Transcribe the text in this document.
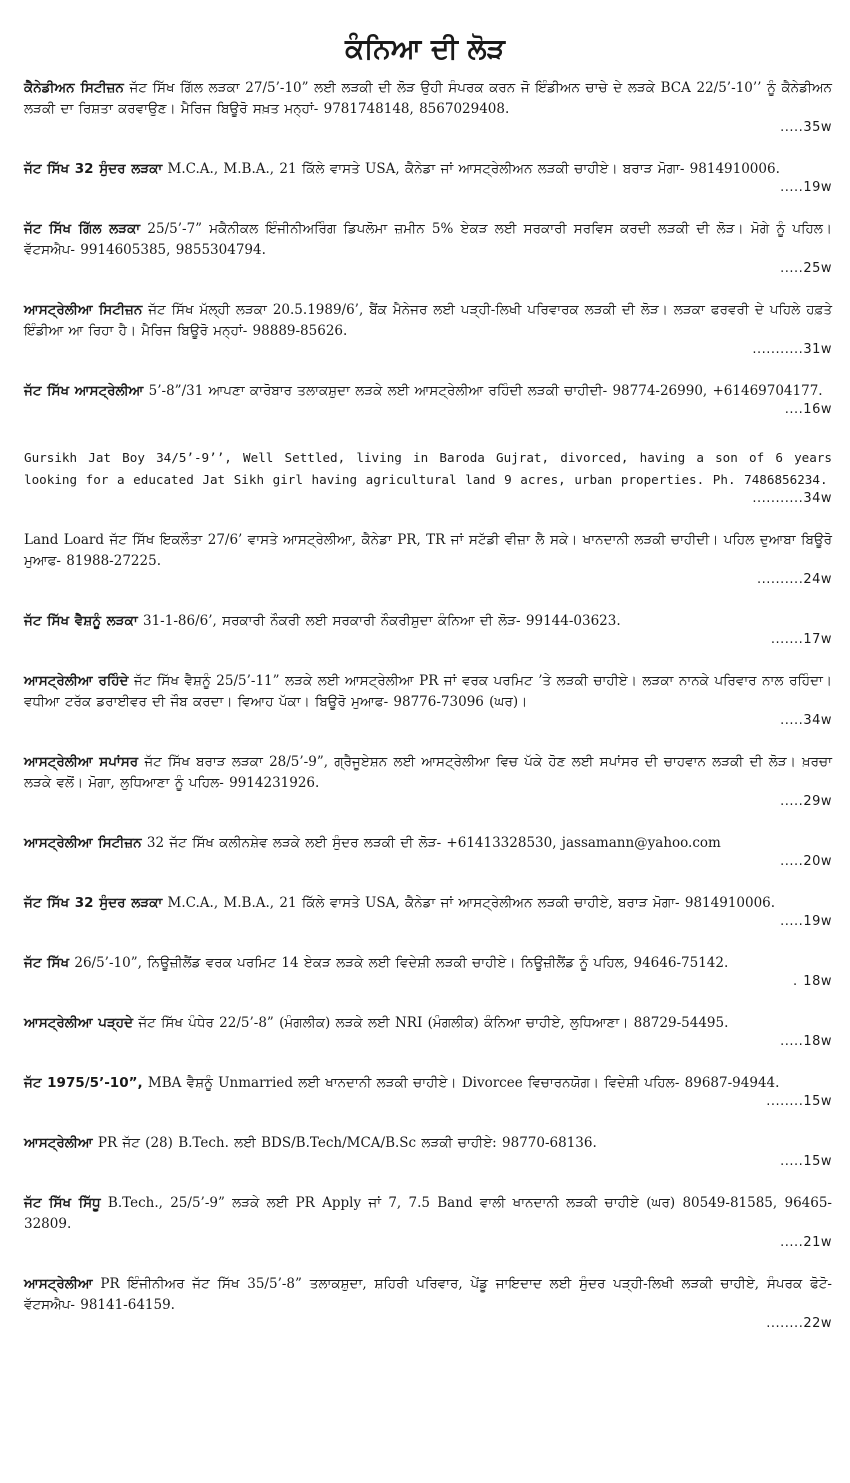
ਕੰਨਿਆ ਦੀ ਲੋੜ
ਕੈਨੇਡੀਅਨ ਸਿਟੀਜ਼ਨ ਜੱਟ ਸਿੱਖ ਗਿੱਲ ਲੜਕਾ 27/5’-10” ਲਈ ਲੜਕੀ ਦੀ ਲੋੜ ਉਹੀ ਸੰਪਰਕ ਕਰਨ ਜੋ ਇੰਡੀਅਨ ਚਾਚੇ ਦੇ ਲੜਕੇ BCA 22/5’-10’’ ਨੂੰ ਕੈਨੇਡੀਅਨ ਲੜਕੀ ਦਾ ਰਿਸ਼ਤਾ ਕਰਵਾਉਣ। ਮੈਰਿਜ ਬਿਊਰੋ ਸਖ਼ਤ ਮਨ੍ਹਾਂ- 9781748148, 8567029408.
.....35w
ਜੱਟ ਸਿੱਖ 32 ਸੁੰਦਰ ਲੜਕਾ M.C.A., M.B.A., 21 ਕਿੱਲੇ ਵਾਸਤੇ USA, ਕੈਨੇਡਾ ਜਾਂ ਆਸਟ੍ਰੇਲੀਅਨ ਲੜਕੀ ਚਾਹੀਏ। ਬਰਾੜ ਮੋਗਾ- 9814910006.
.....19w
ਜੱਟ ਸਿੱਖ ਗਿੱਲ ਲੜਕਾ 25/5’-7” ਮਕੈਨੀਕਲ ਇੰਜੀਨੀਅਰਿੰਗ ਡਿਪਲੋਮਾ ਜ਼ਮੀਨ 5% ਏਕੜ ਲਈ ਸਰਕਾਰੀ ਸਰਵਿਸ ਕਰਦੀ ਲੜਕੀ ਦੀ ਲੋੜ। ਮੋਗੇ ਨੂੰ ਪਹਿਲ। ਵੱਟਸਐਪ- 9914605385, 9855304794.
.....25w
ਆਸਟ੍ਰੇਲੀਆ ਸਿਟੀਜ਼ਨ ਜੱਟ ਸਿੱਖ ਮੱਲ੍ਹੀ ਲੜਕਾ 20.5.1989/6’, ਬੈਂਕ ਮੈਨੇਜਰ ਲਈ ਪੜ੍ਹੀ-ਲਿਖੀ ਪਰਿਵਾਰਕ ਲੜਕੀ ਦੀ ਲੋੜ। ਲੜਕਾ ਫਰਵਰੀ ਦੇ ਪਹਿਲੇ ਹਫ਼ਤੇ ਇੰਡੀਆ ਆ ਰਿਹਾ ਹੈ। ਮੈਰਿਜ ਬਿਊਰੋ ਮਨ੍ਹਾਂ- 98889-85626.
...........31w
ਜੱਟ ਸਿੱਖ ਆਸਟ੍ਰੇਲੀਆ 5’-8”/31 ਆਪਣਾ ਕਾਰੋਬਾਰ ਤਲਾਕਸ਼ੁਦਾ ਲੜਕੇ ਲਈ ਆਸਟ੍ਰੇਲੀਆ ਰਹਿੰਦੀ ਲੜਕੀ ਚਾਹੀਦੀ- 98774-26990, +61469704177.
....16w
Gursikh Jat Boy 34/5’-9’’, Well Settled, living in Baroda Gujrat, divorced, having a son of 6 years looking for a educated Jat Sikh girl having agricultural land 9 acres, urban properties. Ph. 7486856234.
...........34w
Land Loard ਜੱਟ ਸਿੱਖ ਇਕਲੌਤਾ 27/6’ ਵਾਸਤੇ ਆਸਟ੍ਰੇਲੀਆ, ਕੈਨੇਡਾ PR, TR ਜਾਂ ਸਟੱਡੀ ਵੀਜ਼ਾ ਲੈ ਸਕੇ। ਖਾਨਦਾਨੀ ਲੜਕੀ ਚਾਹੀਦੀ। ਪਹਿਲ ਦੁਆਬਾ ਬਿਊਰੋ ਮੁਆਫ- 81988-27225.
..........24w
ਜੱਟ ਸਿੱਖ ਵੈਸ਼ਨੂੰ ਲੜਕਾ 31-1-86/6’, ਸਰਕਾਰੀ ਨੌਕਰੀ ਲਈ ਸਰਕਾਰੀ ਨੌਕਰੀਸ਼ੁਦਾ ਕੰਨਿਆ ਦੀ ਲੋੜ- 99144-03623.
.......17w
ਆਸਟ੍ਰੇਲੀਆ ਰਹਿੰਦੇ ਜੱਟ ਸਿੱਖ ਵੈਸ਼ਨੂੰ 25/5’-11” ਲੜਕੇ ਲਈ ਆਸਟ੍ਰੇਲੀਆ PR ਜਾਂ ਵਰਕ ਪਰਮਿਟ ’ਤੇ ਲੜਕੀ ਚਾਹੀਏ। ਲੜਕਾ ਨਾਨਕੇ ਪਰਿਵਾਰ ਨਾਲ ਰਹਿੰਦਾ। ਵਧੀਆ ਟਰੱਕ ਡਰਾਈਵਰ ਦੀ ਜੌਬ ਕਰਦਾ। ਵਿਆਹ ਪੱਕਾ। ਬਿਊਰੋ ਮੁਆਫ- 98776-73096 (ਘਰ)।
.....34w
ਆਸਟ੍ਰੇਲੀਆ ਸਪਾਂਸਰ ਜੱਟ ਸਿੱਖ ਬਰਾੜ ਲੜਕਾ 28/5’-9”, ਗ੍ਰੈਜੂਏਸ਼ਨ ਲਈ ਆਸਟ੍ਰੇਲੀਆ ਵਿਚ ਪੱਕੇ ਹੋਣ ਲਈ ਸਪਾਂਸਰ ਦੀ ਚਾਹਵਾਨ ਲੜਕੀ ਦੀ ਲੋੜ। ਖ਼ਰਚਾ ਲੜਕੇ ਵਲੋਂ। ਮੋਗਾ, ਲੁਧਿਆਣਾ ਨੂੰ ਪਹਿਲ- 9914231926.
.....29w
ਆਸਟ੍ਰੇਲੀਆ ਸਿਟੀਜ਼ਨ 32 ਜੱਟ ਸਿੱਖ ਕਲੀਨਸ਼ੇਵ ਲੜਕੇ ਲਈ ਸੁੰਦਰ ਲੜਕੀ ਦੀ ਲੋੜ- +61413328530, jassamann@yahoo.com
.....20w
ਜੱਟ ਸਿੱਖ 32 ਸੁੰਦਰ ਲੜਕਾ M.C.A., M.B.A., 21 ਕਿੱਲੇ ਵਾਸਤੇ USA, ਕੈਨੇਡਾ ਜਾਂ ਆਸਟ੍ਰੇਲੀਅਨ ਲੜਕੀ ਚਾਹੀਏ, ਬਰਾੜ ਮੋਗਾ- 9814910006.
.....19w
ਜੱਟ ਸਿੱਖ 26/5’-10”, ਨਿਊਜ਼ੀਲੈਂਡ ਵਰਕ ਪਰਮਿਟ 14 ਏਕੜ ਲੜਕੇ ਲਈ ਵਿਦੇਸ਼ੀ ਲੜਕੀ ਚਾਹੀਏ। ਨਿਊਜ਼ੀਲੈਂਡ ਨੂੰ ਪਹਿਲ, 94646-75142.
. 18w
ਆਸਟ੍ਰੇਲੀਆ ਪੜ੍ਹਦੇ ਜੱਟ ਸਿੱਖ ਪੰਧੇਰ 22/5’-8” (ਮੰਗਲੀਕ) ਲੜਕੇ ਲਈ NRI (ਮੰਗਲੀਕ) ਕੰਨਿਆ ਚਾਹੀਏ, ਲੁਧਿਆਣਾ। 88729-54495.
.....18w
ਜੱਟ 1975/5’-10”, MBA ਵੈਸ਼ਨੂੰ Unmarried ਲਈ ਖਾਨਦਾਨੀ ਲੜਕੀ ਚਾਹੀਏ। Divorcee ਵਿਚਾਰਨਯੋਗ। ਵਿਦੇਸ਼ੀ ਪਹਿਲ- 89687-94944.
........15w
ਆਸਟ੍ਰੇਲੀਆ PR ਜੱਟ (28) B.Tech. ਲਈ BDS/B.Tech/MCA/B.Sc ਲੜਕੀ ਚਾਹੀਏ: 98770-68136.
.....15w
ਜੱਟ ਸਿੱਖ ਸਿੱਧੂ B.Tech., 25/5’-9” ਲੜਕੇ ਲਈ PR Apply ਜਾਂ 7, 7.5 Band ਵਾਲੀ ਖਾਨਦਾਨੀ ਲੜਕੀ ਚਾਹੀਏ (ਘਰ) 80549-81585, 96465-32809.
.....21w
ਆਸਟ੍ਰੇਲੀਆ PR ਇੰਜੀਨੀਅਰ ਜੱਟ ਸਿੱਖ 35/5’-8” ਤਲਾਕਸ਼ੁਦਾ, ਸ਼ਹਿਰੀ ਪਰਿਵਾਰ, ਪੇਂਡੂ ਜਾਇਦਾਦ ਲਈ ਸੁੰਦਰ ਪੜ੍ਹੀ-ਲਿਖੀ ਲੜਕੀ ਚਾਹੀਏ, ਸੰਪਰਕ ਫੋਟੋ- ਵੱਟਸਐਪ- 98141-64159.
........22w
